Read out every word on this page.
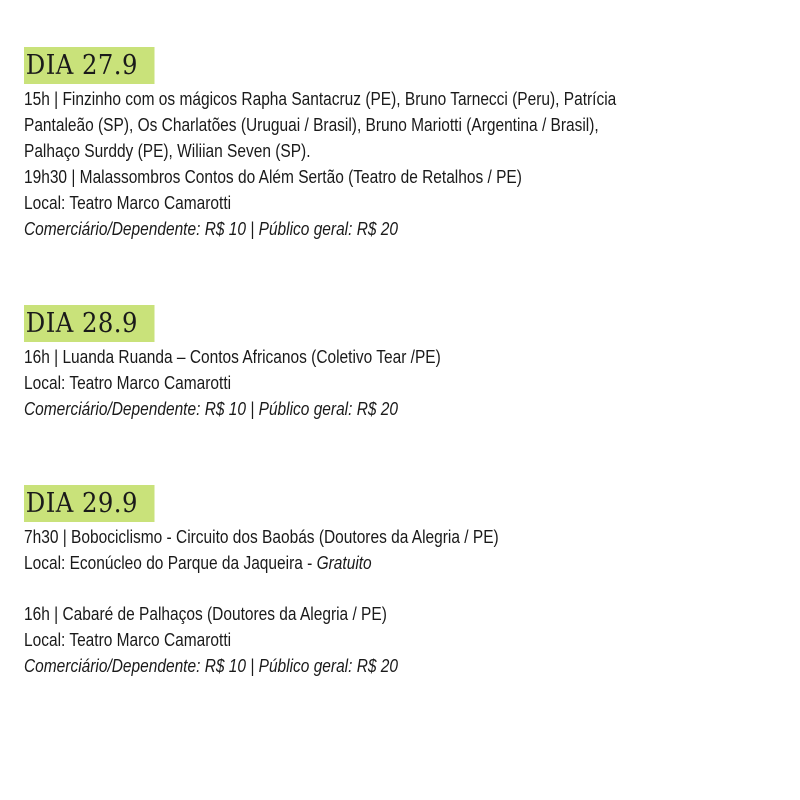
DIA 27.9
15h | Finzinho com os mágicos Rapha Santacruz (PE), Bruno Tarnecci (Peru), Patrícia
Pantaleão (SP), Os Charlatões (Uruguai / Brasil), Bruno Mariotti (Argentina / Brasil),
Palhaço Surddy (PE), Wiliian Seven (SP).
19h30 | Malassombros Contos do Além Sertão (Teatro de Retalhos / PE)
Local: Teatro Marco Camarotti
Comerciário/Dependente: R$ 10 | Público geral: R$ 20
DIA 28.9
16h | Luanda Ruanda – Contos Africanos (Coletivo Tear /PE)
Local: Teatro Marco Camarotti
Comerciário/Dependente: R$ 10 | Público geral: R$ 20
DIA 29.9
7h30 | Bobociclismo - Circuito dos Baobás (Doutores da Alegria / PE)
Local: Econúcleo do Parque da Jaqueira - Gratuito
16h | Cabaré de Palhaços (Doutores da Alegria / PE)
Local: Teatro Marco Camarotti
Comerciário/Dependente: R$ 10 | Público geral: R$ 20
